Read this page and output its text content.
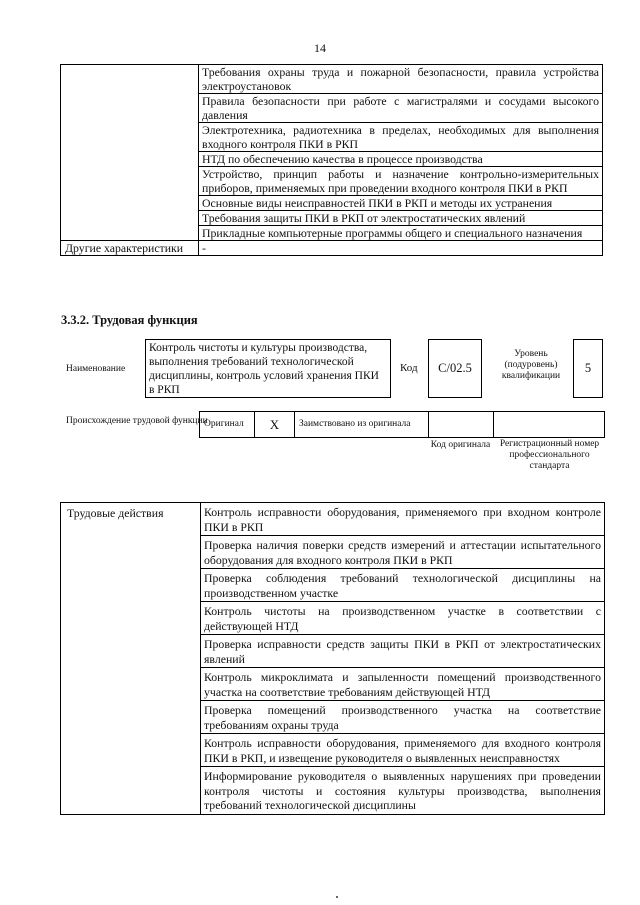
14
	Требования охраны труда и пожарной безопасности, правила устройства электроустановок
	Правила безопасности при работе с магистралями и сосудами высокого давления
	Электротехника, радиотехника в пределах, необходимых для выполнения входного контроля ПКИ в РКП
	НТД по обеспечению качества в процессе производства
	Устройство, принцип работы и назначение контрольно-измерительных приборов, применяемых при проведении входного контроля ПКИ в РКП
	Основные виды неисправностей ПКИ в РКП и методы их устранения
	Требования защиты ПКИ в РКП от электростатических явлений
	Прикладные компьютерные программы общего и специального назначения
Другие характеристики	-
3.3.2. Трудовая функция
Наименование
Контроль чистоты и культуры производства, выполнения требований технологической дисциплины, контроль условий хранения ПКИ в РКП
Код	C/02.5
Уровень (подуровень) квалификации
5
Происхождение трудовой функции
Оригинал	X	Заимствовано из оригинала		
Код оригинала	Регистрационный номер профессионального стандарта
Трудовые действия	Контроль исправности оборудования, применяемого при входном контроле ПКИ в РКП
Проверка наличия поверки средств измерений и аттестации испытательного оборудования для входного контроля ПКИ в РКП
Проверка соблюдения требований технологической дисциплины на производственном участке
Контроль чистоты на производственном участке в соответствии с действующей НТД
Проверка исправности средств защиты ПКИ в РКП от электростатических явлений
Контроль микроклимата и запыленности помещений производственного участка на соответствие требованиям действующей НТД
Проверка помещений производственного участка на соответствие требованиям охраны труда
Контроль исправности оборудования, применяемого для входного контроля ПКИ в РКП, и извещение руководителя о выявленных неисправностях
Информирование руководителя о выявленных нарушениях при проведении контроля чистоты и состояния культуры производства, выполнения требований технологической дисциплины
